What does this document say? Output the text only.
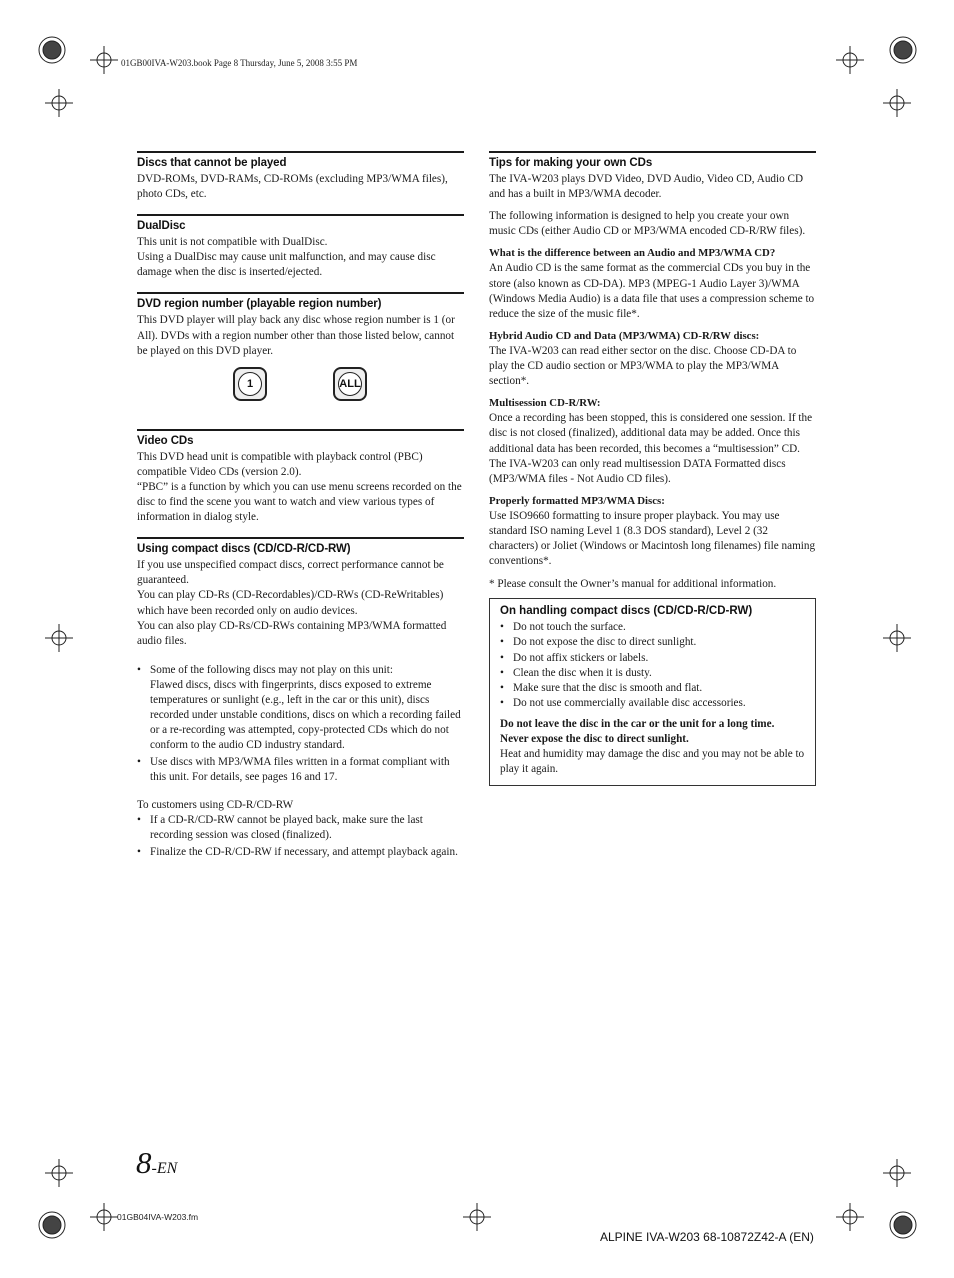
01GB00IVA-W203.book Page 8 Thursday, June 5, 2008 3:55 PM
Discs that cannot be played

DVD-ROMs, DVD-RAMs, CD-ROMs (excluding MP3/WMA files), photo CDs, etc.

DualDisc

This unit is not compatible with DualDisc.

Using a DualDisc may cause unit malfunction, and may cause disc damage when the disc is inserted/ejected.

DVD region number (playable region number)

This DVD player will play back any disc whose region number is 1 (or All). DVDs with a region number other than those listed below, cannot be played on this DVD player.

1	ALL
Video CDs

This DVD head unit is compatible with playback control (PBC) compatible Video CDs (version 2.0).

“PBC” is a function by which you can use menu screens recorded on the disc to find the scene you want to watch and view various types of information in dialog style.

Using compact discs (CD/CD-R/CD-RW)

If you use unspecified compact discs, correct performance cannot be guaranteed.

You can play CD-Rs (CD-Recordables)/CD-RWs (CD-ReWritables) which have been recorded only on audio devices.

You can also play CD-Rs/CD-RWs containing MP3/WMA formatted audio files.

• Some of the following discs may not play on this unit:
Flawed discs, discs with fingerprints, discs exposed to extreme temperatures or sunlight (e.g., left in the car or this unit), discs recorded under unstable conditions, discs on which a recording failed or a re-recording was attempted, copy-protected CDs which do not conform to the audio CD industry standard.
• Use discs with MP3/WMA files written in a format compliant with this unit. For details, see pages 16 and 17.

To customers using CD-R/CD-RW

• If a CD-R/CD-RW cannot be played back, make sure the last recording session was closed (finalized).
• Finalize the CD-R/CD-RW if necessary, and attempt playback again.
Tips for making your own CDs

The IVA-W203 plays DVD Video, DVD Audio, Video CD, Audio CD and has a built in MP3/WMA decoder.

The following information is designed to help you create your own music CDs (either Audio CD or MP3/WMA encoded CD-R/RW files).

What is the difference between an Audio and MP3/WMA CD?

An Audio CD is the same format as the commercial CDs you buy in the store (also known as CD-DA). MP3 (MPEG-1 Audio Layer 3)/WMA (Windows Media Audio) is a data file that uses a compression scheme to reduce the size of the music file*.

Hybrid Audio CD and Data (MP3/WMA) CD-R/RW discs:

The IVA-W203 can read either sector on the disc. Choose CD-DA to play the CD audio section or MP3/WMA to play the MP3/WMA section*.

Multisession CD-R/RW:

Once a recording has been stopped, this is considered one session. If the disc is not closed (finalized), additional data may be added. Once this additional data has been recorded, this becomes a “multisession” CD. The IVA-W203 can only read multisession DATA Formatted discs (MP3/WMA files - Not Audio CD files).

Properly formatted MP3/WMA Discs:

Use ISO9660 formatting to insure proper playback. You may use standard ISO naming Level 1 (8.3 DOS standard), Level 2 (32 characters) or Joliet (Windows or Macintosh long filenames) file naming conventions*.

* Please consult the Owner’s manual for additional information.

On handling compact discs (CD/CD-R/CD-RW)
• Do not touch the surface.
• Do not expose the disc to direct sunlight.
• Do not affix stickers or labels.
• Clean the disc when it is dusty.
• Make sure that the disc is smooth and flat.
• Do not use commercially available disc accessories.

Do not leave the disc in the car or the unit for a long time. Never expose the disc to direct sunlight.

Heat and humidity may damage the disc and you may not be able to play it again.

8-EN
01GB04IVA-W203.fm
ALPINE IVA-W203 68-10872Z42-A (EN)
